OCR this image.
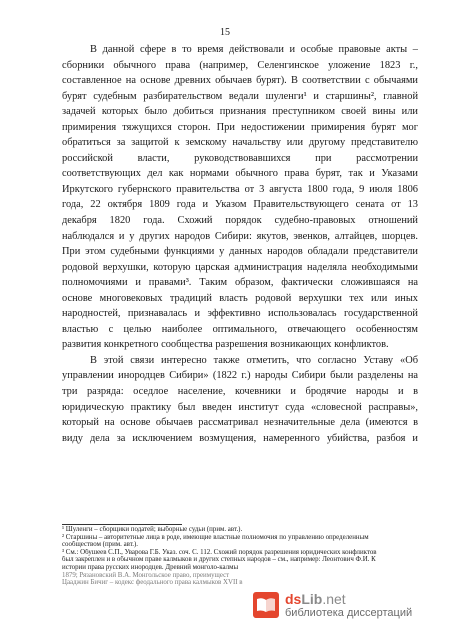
15
В данной сфере в то время действовали и особые правовые акты –
сборники обычного права (например, Селенгинское уложение 1823 г.,
составленное на основе древних обычаев бурят). В соответствии с обычаями
бурят судебным разбирательством ведали шуленги¹ и старшины², главной
задачей которых было добиться признания преступником своей вины или
примирения тяжущихся сторон. При недостижении примирения бурят мог
обратиться за защитой к земскому начальству или другому представителю
российской власти, руководствовавшихся при рассмотрении
соответствующих дел как нормами обычного права бурят, так и Указами
Иркутского губернского правительства от 3 августа 1800 года, 9 июля 1806
года, 22 октября 1809 года и Указом Правительствующего сената от 13
декабря 1820 года. Схожий порядок судебно-правовых отношений
наблюдался и у других народов Сибири: якутов, эвенков, алтайцев, шорцев.
При этом судебными функциями у данных народов обладали представители
родовой верхушки, которую царская администрация наделяла необходимыми
полномочиями и правами³. Таким образом, фактически сложившаяся на
основе многовековых традиций власть родовой верхушки тех или иных
народностей, признавалась и эффективно использовалась государственной
властью с целью наиболее оптимального, отвечающего особенностям
развития конкретного сообщества разрешения возникающих конфликтов.
В этой связи интересно также отметить, что согласно Уставу «Об
управлении инородцев Сибири» (1822 г.) народы Сибири были разделены на
три разряда: оседлое население, кочевники и бродячие народы и в
юридическую практику был введен институт суда «словесной расправы»,
который на основе обычаев рассматривал незначительные дела (имеются в
виду дела за исключением возмущения, намеренного убийства, разбоя и
¹ Шуленги – сборщики податей; выборные судьи (прим. авт.).
² Старшины – авторитетные лица в роде, имеющие властные полномочия по управлению определенным
сообществом (прим. авт.).
³ См.: Обушеев С.П., Уварова Г.Б. Указ. соч. С. 112. Схожий порядок разрешения юридических конфликтов
был закреплен и в обычном праве калмыков и других степных народов – см., например: Леонтович Ф.И. К
истории права русских инородцев. Древний монголо-калмы
1879; Рязановский В.А. Монгольское право, преимущест
Цааджин Бичиг – кодекс феодального права калмыков XVII в
dsLib.net
библиотека диссертаций
